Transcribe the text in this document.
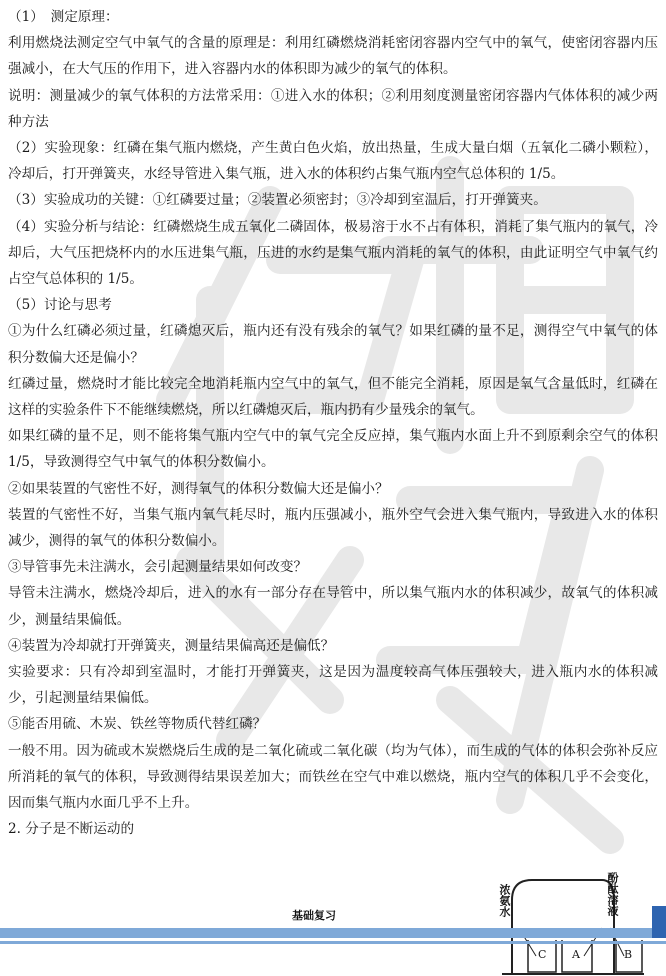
（1）　测定原理：

利用燃烧法测定空气中氧气的含量的原理是：利用红磷燃烧消耗密闭容器内空气中的氧气，使密闭容器内压强减小，在大气压的作用下，进入容器内水的体积即为减少的氧气的体积。

说明：测量减少的氧气体积的方法常采用：①进入水的体积；②利用刻度测量密闭容器内气体体积的减少两种方法

（2）实验现象：红磷在集气瓶内燃烧，产生黄白色火焰，放出热量，生成大量白烟（五氧化二磷小颗粒），冷却后，打开弹簧夹，水经导管进入集气瓶，进入水的体积约占集气瓶内空气总体积的 1/5。

（3）实验成功的关键：①红磷要过量；②装置必须密封；③冷却到室温后，打开弹簧夹。

（4）实验分析与结论：红磷燃烧生成五氧化二磷固体，极易溶于水不占有体积，消耗了集气瓶内的氧气，冷却后，大气压把烧杯内的水压进集气瓶，压进的水约是集气瓶内消耗的氧气的体积，由此证明空气中氧气约占空气总体积的 1/5。

（5）讨论与思考

①为什么红磷必须过量，红磷熄灭后，瓶内还有没有残余的氧气？如果红磷的量不足，测得空气中氧气的体积分数偏大还是偏小？

红磷过量，燃烧时才能比较完全地消耗瓶内空气中的氧气，但不能完全消耗，原因是氧气含量低时，红磷在这样的实验条件下不能继续燃烧，所以红磷熄灭后，瓶内扔有少量残余的氧气。

如果红磷的量不足，则不能将集气瓶内空气中的氧气完全反应掉，集气瓶内水面上升不到原剩余空气的体积 1/5，导致测得空气中氧气的体积分数偏小。

②如果装置的气密性不好，测得氧气的体积分数偏大还是偏小？

装置的气密性不好，当集气瓶内氧气耗尽时，瓶内压强减小，瓶外空气会进入集气瓶内，导致进入水的体积减少，测得的氧气的体积分数偏小。

③导管事先未注满水，会引起测量结果如何改变？

导管未注满水，燃烧冷却后，进入的水有一部分存在导管中，所以集气瓶内水的体积减少，故氧气的体积减少，测量结果偏低。

④装置为冷却就打开弹簧夹，测量结果偏高还是偏低？

实验要求：只有冷却到室温时，才能打开弹簧夹，这是因为温度较高气体压强较大，进入瓶内水的体积减少，引起测量结果偏低。

⑤能否用硫、木炭、铁丝等物质代替红磷？

一般不用。因为硫或木炭燃烧后生成的是二氧化硫或二氧化碳（均为气体），而生成的气体的体积会弥补反应所消耗的氧气的体积，导致测得结果误差加大；而铁丝在空气中难以燃烧，瓶内空气的体积几乎不会变化，因而集气瓶内水面几乎不上升。

2. 分子是不断运动的

浓氨水	酚酞溶液
C A	B
基础复习
